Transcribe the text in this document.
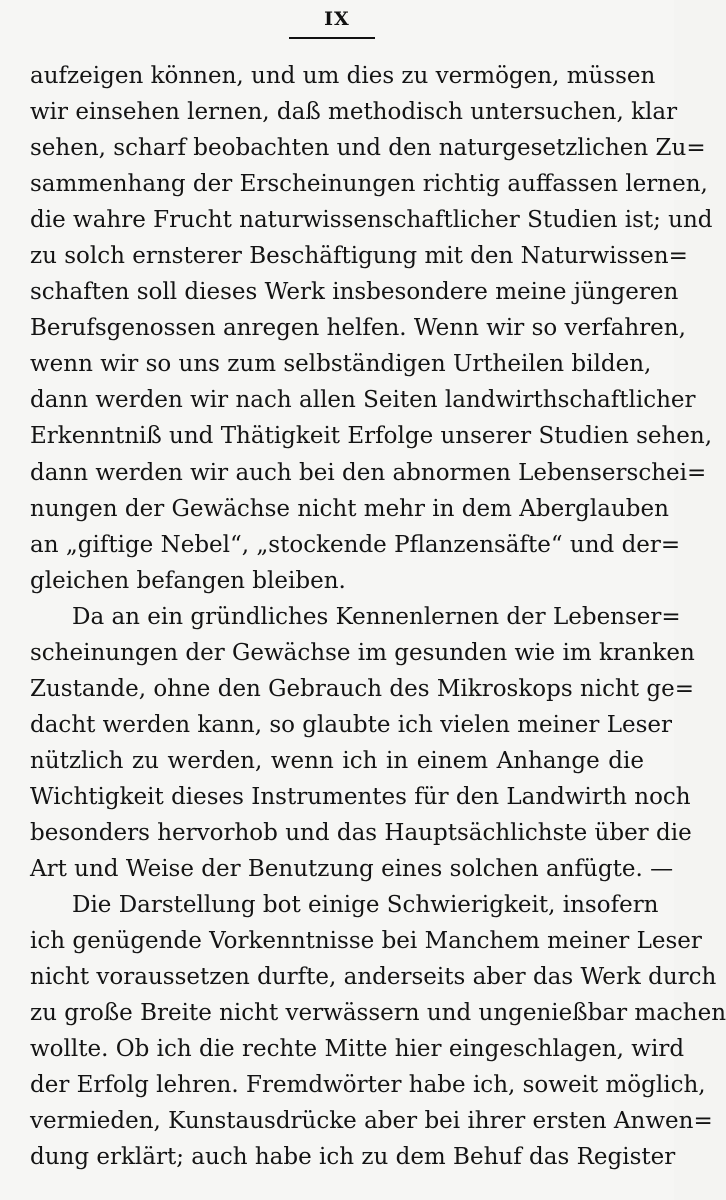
IX
aufzeigen können, und um dies zu vermögen, müssen
wir einsehen lernen, daß methodisch untersuchen, klar
sehen, scharf beobachten und den naturgesetzlichen Zu=
sammenhang der Erscheinungen richtig auffassen lernen,
die wahre Frucht naturwissenschaftlicher Studien ist; und
zu solch ernsterer Beschäftigung mit den Naturwissen=
schaften soll dieses Werk insbesondere meine jüngeren
Berufsgenossen anregen helfen. Wenn wir so verfahren,
wenn wir so uns zum selbständigen Urtheilen bilden,
dann werden wir nach allen Seiten landwirthschaftlicher
Erkenntniß und Thätigkeit Erfolge unserer Studien sehen,
dann werden wir auch bei den abnormen Lebenserschei=
nungen der Gewächse nicht mehr in dem Aberglauben
an „giftige Nebel“, „stockende Pflanzensäfte“ und der=
gleichen befangen bleiben.
Da an ein gründliches Kennenlernen der Lebenser=
scheinungen der Gewächse im gesunden wie im kranken
Zustande, ohne den Gebrauch des Mikroskops nicht ge=
dacht werden kann, so glaubte ich vielen meiner Leser
nützlich zu werden, wenn ich in einem Anhange die
Wichtigkeit dieses Instrumentes für den Landwirth noch
besonders hervorhob und das Hauptsächlichste über die
Art und Weise der Benutzung eines solchen anfügte. —
Die Darstellung bot einige Schwierigkeit, insofern
ich genügende Vorkenntnisse bei Manchem meiner Leser
nicht voraussetzen durfte, anderseits aber das Werk durch
zu große Breite nicht verwässern und ungenießbar machen
wollte. Ob ich die rechte Mitte hier eingeschlagen, wird
der Erfolg lehren. Fremdwörter habe ich, soweit möglich,
vermieden, Kunstausdrücke aber bei ihrer ersten Anwen=
dung erklärt; auch habe ich zu dem Behuf das Register
